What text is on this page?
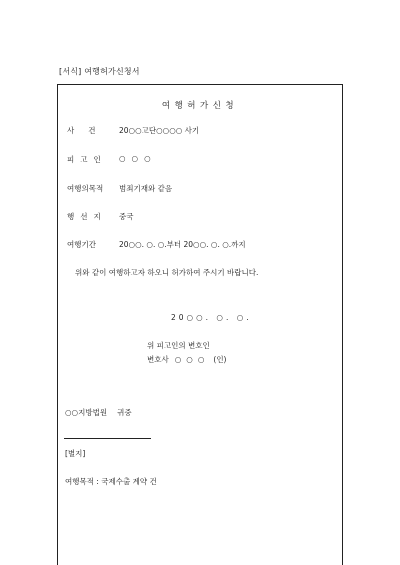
[서식] 여행허가신청서
여행허가신청
사건 20○○고단○○○○ 사기
피고인 ○○○
여행의목적 범죄기재와 같음
행선지 중국
여행기간	20○○. ○. ○.부터 20○○. ○. ○.까지
위와 같이 여행하고자 하오니 허가하여 주시기 바랍니다.
20○○. ○. ○.
위 피고인의 변호인
변호사 ○○○ (인)
○○지방법원 귀중
[별지]
여행목적 : 국제수출 계약 건
